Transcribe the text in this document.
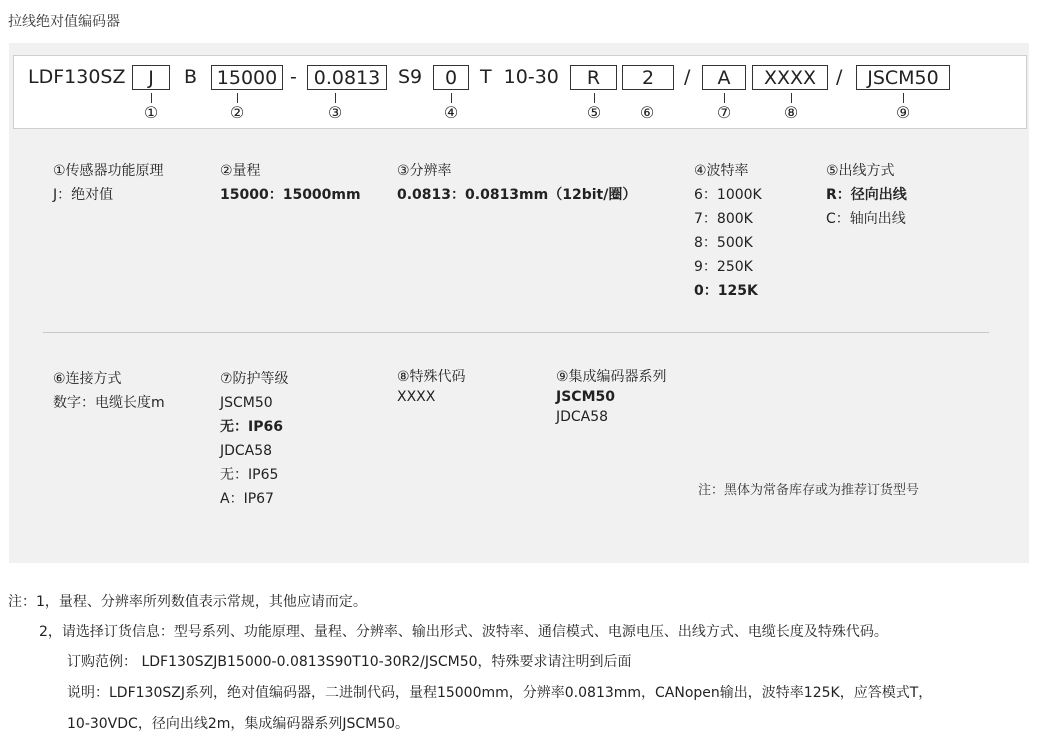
拉线绝对值编码器
LDF130SZ	J	B	15000 - 0.0813 S9	0	T  10-30	R	2	/	A	XXXX	/	JSCM50
①	②	③	④	⑤	⑥	⑦	⑧	⑨
①传感器功能原理
J：绝对值
②量程
15000：15000mm
③分辨率
0.0813：0.0813mm（12bit/圈）
④波特率
6：1000K
7：800K
8：500K
9：250K
0：125K
⑤出线方式
R：径向出线
C：轴向出线
⑥连接方式
数字：电缆长度m
⑦防护等级
JSCM50
无：IP66
JDCA58
无：IP65
A：IP67
⑧特殊代码
XXXX
⑨集成编码器系列
JSCM50
JDCA58
注：黑体为常备库存或为推荐订货型号
注：1，量程、分辨率所列数值表示常规，其他应请而定。
2，请选择订货信息：型号系列、功能原理、量程、分辨率、输出形式、波特率、通信模式、电源电压、出线方式、电缆长度及特殊代码。
订购范例： LDF130SZJB15000-0.0813S90T10-30R2/JSCM50，特殊要求请注明到后面
说明：LDF130SZJ系列，绝对值编码器，二进制代码，量程15000mm，分辨率0.0813mm，CANopen输出，波特率125K，应答模式T，
10-30VDC，径向出线2m，集成编码器系列JSCM50。
